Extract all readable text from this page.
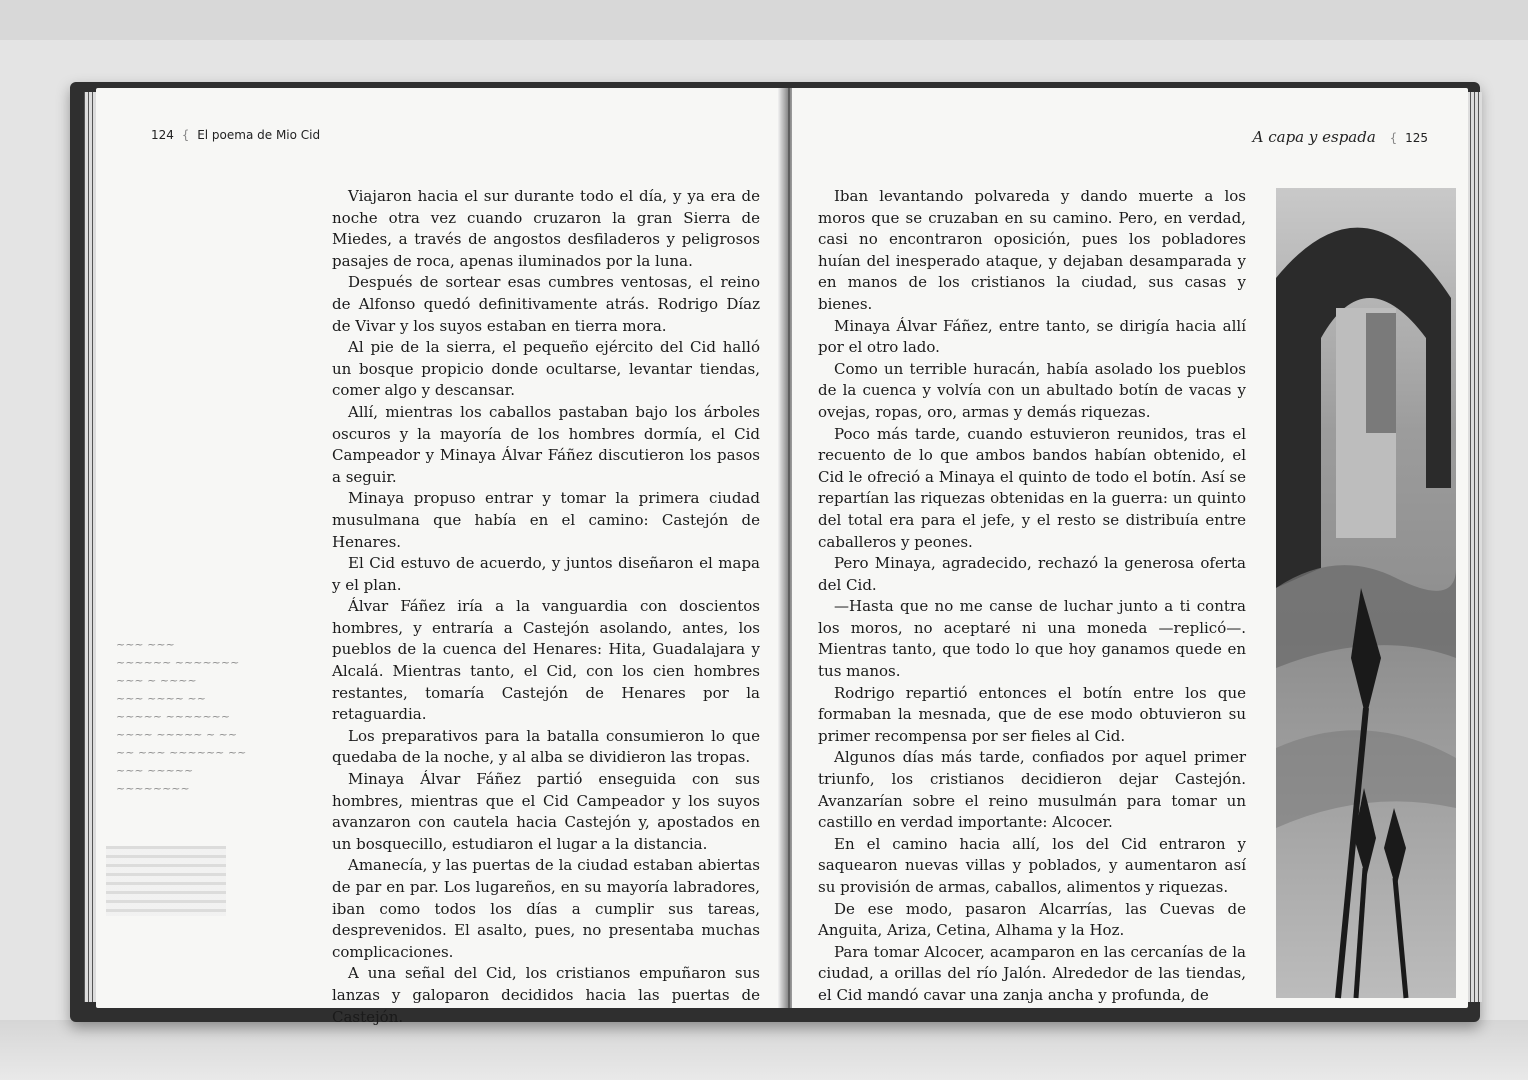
124 { El poema de Mio Cid
~~~ ~~~
~~~~~~ ~~~~~~~
~~~ ~ ~~~~
~~~ ~~~~ ~~
~~~~~ ~~~~~~~
~~~~ ~~~~~ ~ ~~
~~ ~~~ ~~~~~~ ~~
~~~ ~~~~~
~~~~~~~~

Viajaron hacia el sur durante todo el día, y ya era de noche otra vez cuando cruzaron la gran Sierra de Miedes, a través de angostos desfiladeros y peligrosos pasajes de roca, apenas iluminados por la luna.

Después de sortear esas cumbres ventosas, el reino de Alfonso quedó definitivamente atrás. Rodrigo Díaz de Vivar y los suyos estaban en tierra mora.

Al pie de la sierra, el pequeño ejército del Cid halló un bosque propicio donde ocultarse, levantar tiendas, comer algo y descansar.

Allí, mientras los caballos pastaban bajo los árboles oscuros y la mayoría de los hombres dormía, el Cid Campeador y Minaya Álvar Fáñez discutieron los pasos a seguir.

Minaya propuso entrar y tomar la primera ciudad musulmana que había en el camino: Castejón de Henares.

El Cid estuvo de acuerdo, y juntos diseñaron el mapa y el plan.

Álvar Fáñez iría a la vanguardia con doscientos hombres, y entraría a Castejón asolando, antes, los pueblos de la cuenca del Henares: Hita, Guadalajara y Alcalá. Mientras tanto, el Cid, con los cien hombres restantes, tomaría Castejón de Henares por la retaguardia.

Los preparativos para la batalla consumieron lo que quedaba de la noche, y al alba se dividieron las tropas.

Minaya Álvar Fáñez partió enseguida con sus hombres, mientras que el Cid Campeador y los suyos avanzaron con cautela hacia Castejón y, apostados en un bosquecillo, estudiaron el lugar a la distancia.

Amanecía, y las puertas de la ciudad estaban abiertas de par en par. Los lugareños, en su mayoría labradores, iban como todos los días a cumplir sus tareas, desprevenidos. El asalto, pues, no presentaba muchas complicaciones.

A una señal del Cid, los cristianos empuñaron sus lanzas y galoparon decididos hacia las puertas de Castejón.

A capa y espada { 125

Iban levantando polvareda y dando muerte a los moros que se cruzaban en su camino. Pero, en verdad, casi no encontraron oposición, pues los pobladores huían del inesperado ataque, y dejaban desamparada y en manos de los cristianos la ciudad, sus casas y bienes.

Minaya Álvar Fáñez, entre tanto, se dirigía hacia allí por el otro lado.

Como un terrible huracán, había asolado los pueblos de la cuenca y volvía con un abultado botín de vacas y ovejas, ropas, oro, armas y demás riquezas.

Poco más tarde, cuando estuvieron reunidos, tras el recuento de lo que ambos bandos habían obtenido, el Cid le ofreció a Minaya el quinto de todo el botín. Así se repartían las riquezas obtenidas en la guerra: un quinto del total era para el jefe, y el resto se distribuía entre caballeros y peones.

Pero Minaya, agradecido, rechazó la generosa oferta del Cid.

—Hasta que no me canse de luchar junto a ti contra los moros, no aceptaré ni una moneda —replicó—. Mientras tanto, que todo lo que hoy ganamos quede en tus manos.

Rodrigo repartió entonces el botín entre los que formaban la mesnada, que de ese modo obtuvieron su primer recompensa por ser fieles al Cid.

Algunos días más tarde, confiados por aquel primer triunfo, los cristianos decidieron dejar Castejón. Avanzarían sobre el reino musulmán para tomar un castillo en verdad importante: Alcocer.

En el camino hacia allí, los del Cid entraron y saquearon nuevas villas y poblados, y aumentaron así su provisión de armas, caballos, alimentos y riquezas.

De ese modo, pasaron Alcarrías, las Cuevas de Anguita, Ariza, Cetina, Alhama y la Hoz.

Para tomar Alcocer, acamparon en las cercanías de la ciudad, a orillas del río Jalón. Alrededor de las tiendas, el Cid mandó cavar una zanja ancha y profunda, de
